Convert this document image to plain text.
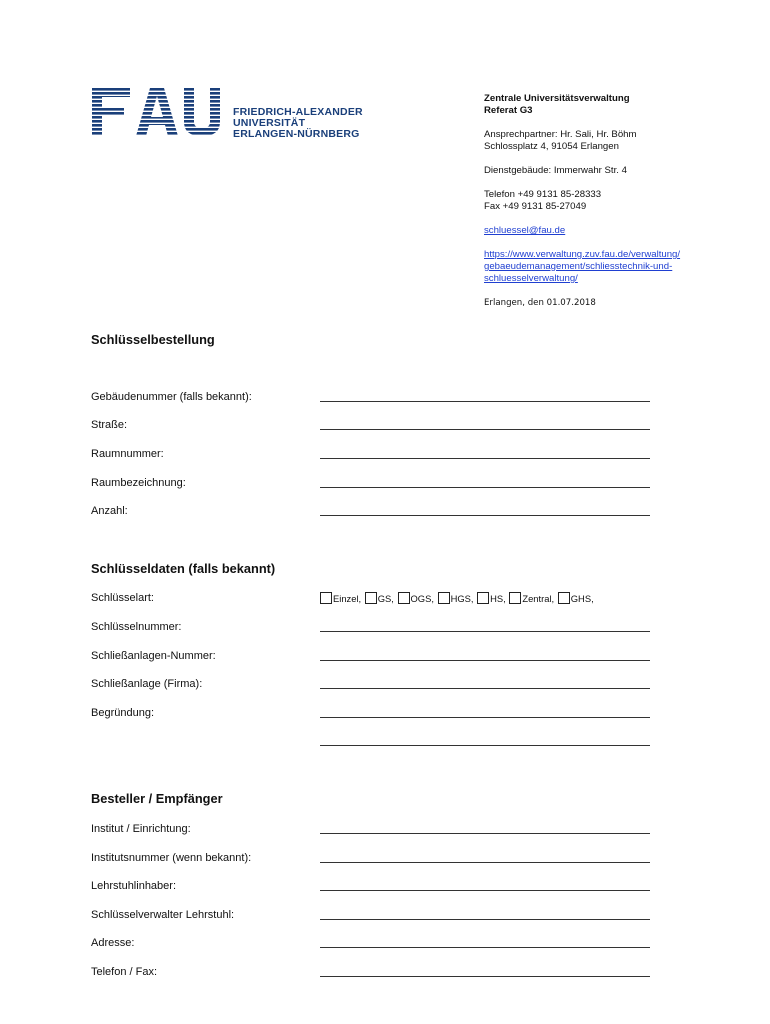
FRIEDRICH-ALEXANDER
UNIVERSITÄT
ERLANGEN-NÜRNBERG
Zentrale Universitätsverwaltung
Referat G3
Ansprechpartner: Hr. Sali, Hr. Böhm
Schlossplatz 4, 91054 Erlangen
Dienstgebäude: Immerwahr Str. 4
Telefon +49 9131 85-28333
Fax +49 9131 85-27049
schluessel@fau.de
https://www.verwaltung.zuv.fau.de/verwaltung/
gebaeudemanagement/schliesstechnik-und-
schluesselverwaltung/
Erlangen, den 01.07.2018
Schlüsselbestellung
Gebäudenummer (falls bekannt):
Straße:
Raumnummer:
Raumbezeichnung:
Anzahl:
Schlüsseldaten (falls bekannt)
Schlüsselart:	Einzel, GS, OGS, HGS, HS, Zentral, GHS,
Schlüsselnummer:
Schließanlagen-Nummer:
Schließanlage (Firma):
Begründung:
Besteller / Empfänger
Institut / Einrichtung:
Institutsnummer (wenn bekannt):
Lehrstuhlinhaber:
Schlüsselverwalter Lehrstuhl:
Adresse:
Telefon / Fax:
